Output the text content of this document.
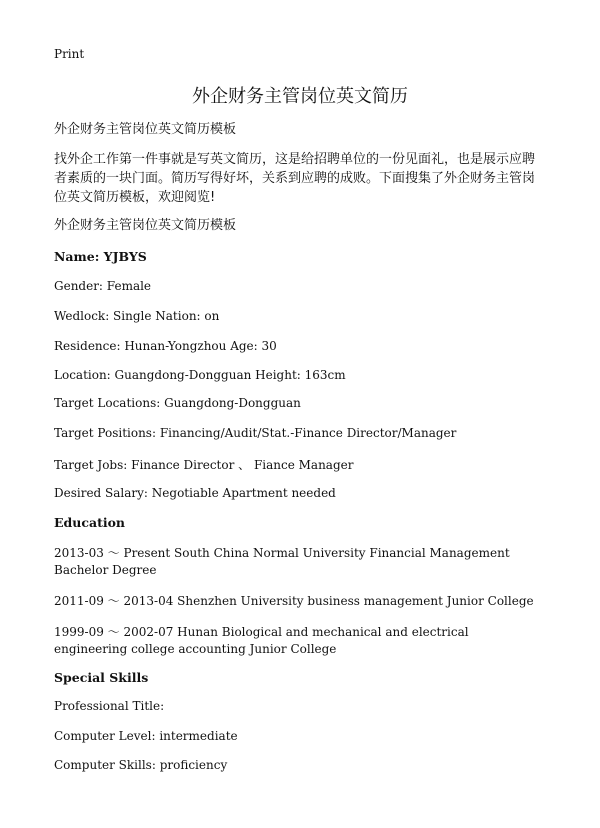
Print
外企财务主管岗位英文简历
外企财务主管岗位英文简历模板
找外企工作第一件事就是写英文简历，这是给招聘单位的一份见面礼，也是展示应聘者素质的一块门面。简历写得好坏，关系到应聘的成败。下面搜集了外企财务主管岗位英文简历模板，欢迎阅览!
外企财务主管岗位英文简历模板
Name: YJBYS
Gender: Female
Wedlock: Single Nation: on
Residence: Hunan-Yongzhou Age: 30
Location: Guangdong-Dongguan Height: 163cm
Target Locations: Guangdong-Dongguan
Target Positions: Financing/Audit/Stat.-Finance Director/Manager
Target Jobs: Finance Director 、 Fiance Manager
Desired Salary: Negotiable Apartment needed
Education
2013-03 ～ Present South China Normal University Financial Management Bachelor Degree
2011-09 ～ 2013-04 Shenzhen University business management Junior College
1999-09 ～ 2002-07 Hunan Biological and mechanical and electrical engineering college accounting Junior College
Special Skills
Professional Title:
Computer Level: intermediate
Computer Skills: proficiency
